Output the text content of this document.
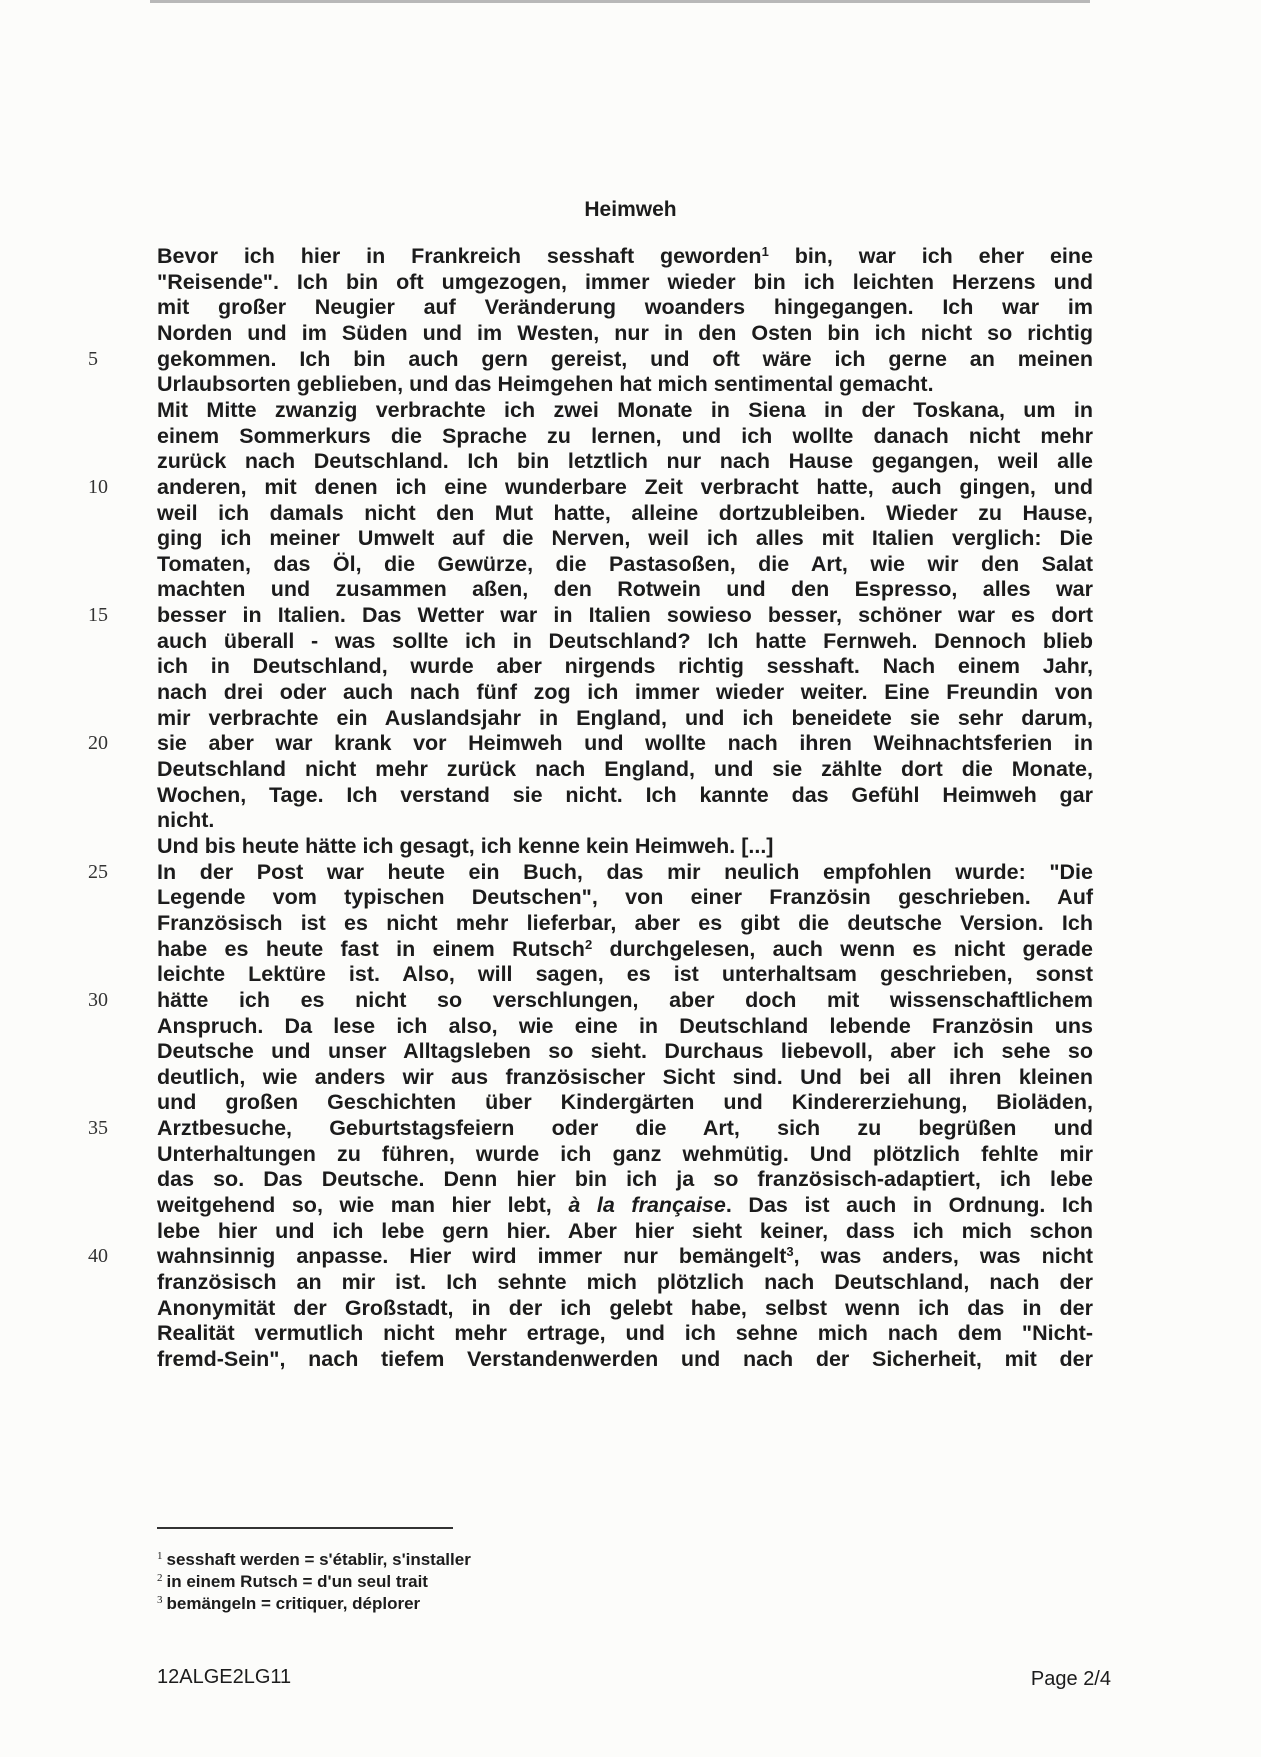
Heimweh
Bevor ich hier in Frankreich sesshaft geworden$^1$ bin, war ich eher eine
"Reisende". Ich bin oft umgezogen, immer wieder bin ich leichten Herzens und
mit großer Neugier auf Veränderung woanders hingegangen. Ich war im
Norden und im Süden und im Westen, nur in den Osten bin ich nicht so richtig
gekommen. Ich bin auch gern gereist, und oft wäre ich gerne an meinen
5
Urlaubsorten geblieben, und das Heimgehen hat mich sentimental gemacht.
Mit Mitte zwanzig verbrachte ich zwei Monate in Siena in der Toskana, um in
einem Sommerkurs die Sprache zu lernen, und ich wollte danach nicht mehr
zurück nach Deutschland. Ich bin letztlich nur nach Hause gegangen, weil alle
anderen, mit denen ich eine wunderbare Zeit verbracht hatte, auch gingen, und
10
weil ich damals nicht den Mut hatte, alleine dortzubleiben. Wieder zu Hause,
ging ich meiner Umwelt auf die Nerven, weil ich alles mit Italien verglich: Die
Tomaten, das Öl, die Gewürze, die Pastasoßen, die Art, wie wir den Salat
machten und zusammen aßen, den Rotwein und den Espresso, alles war
besser in Italien. Das Wetter war in Italien sowieso besser, schöner war es dort
15
auch überall - was sollte ich in Deutschland? Ich hatte Fernweh. Dennoch blieb
ich in Deutschland, wurde aber nirgends richtig sesshaft. Nach einem Jahr,
nach drei oder auch nach fünf zog ich immer wieder weiter. Eine Freundin von
mir verbrachte ein Auslandsjahr in England, und ich beneidete sie sehr darum,
sie aber war krank vor Heimweh und wollte nach ihren Weihnachtsferien in
20
Deutschland nicht mehr zurück nach England, und sie zählte dort die Monate,
Wochen, Tage. Ich verstand sie nicht. Ich kannte das Gefühl Heimweh gar
nicht.
Und bis heute hätte ich gesagt, ich kenne kein Heimweh. [...]
In der Post war heute ein Buch, das mir neulich empfohlen wurde: "Die
25
Legende vom typischen Deutschen", von einer Französin geschrieben. Auf
Französisch ist es nicht mehr lieferbar, aber es gibt die deutsche Version. Ich
habe es heute fast in einem Rutsch$^2$ durchgelesen, auch wenn es nicht gerade
leichte Lektüre ist. Also, will sagen, es ist unterhaltsam geschrieben, sonst
hätte ich es nicht so verschlungen, aber doch mit wissenschaftlichem
30
Anspruch. Da lese ich also, wie eine in Deutschland lebende Französin uns
Deutsche und unser Alltagsleben so sieht. Durchaus liebevoll, aber ich sehe so
deutlich, wie anders wir aus französischer Sicht sind. Und bei all ihren kleinen
und großen Geschichten über Kindergärten und Kindererziehung, Bioläden,
Arztbesuche, Geburtstagsfeiern oder die Art, sich zu begrüßen und
35
Unterhaltungen zu führen, wurde ich ganz wehmütig. Und plötzlich fehlte mir
das so. Das Deutsche. Denn hier bin ich ja so französisch-adaptiert, ich lebe
weitgehend so, wie man hier lebt, à la française. Das ist auch in Ordnung. Ich
lebe hier und ich lebe gern hier. Aber hier sieht keiner, dass ich mich schon
wahnsinnig anpasse. Hier wird immer nur bemängelt$^3$, was anders, was nicht
40
französisch an mir ist. Ich sehnte mich plötzlich nach Deutschland, nach der
Anonymität der Großstadt, in der ich gelebt habe, selbst wenn ich das in der
Realität vermutlich nicht mehr ertrage, und ich sehne mich nach dem "Nicht-
fremd-Sein", nach tiefem Verstandenwerden und nach der Sicherheit, mit der
$^1$ sesshaft werden = s'établir, s'installer
$^2$ in einem Rutsch = d'un seul trait
$^3$ bemängeln = critiquer, déplorer
12ALGE2LG11	Page 2/4
